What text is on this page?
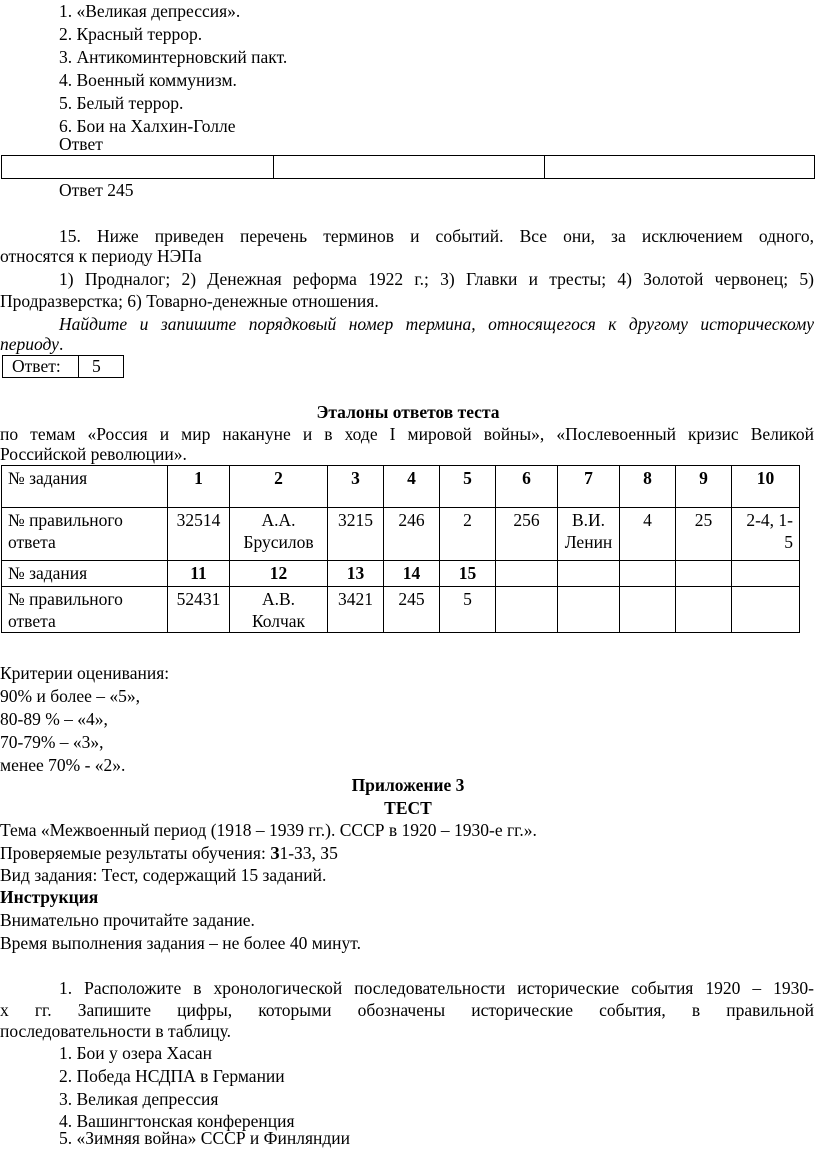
1. «Великая депрессия».
2. Красный террор.
3. Антикоминтерновский пакт.
4. Военный коммунизм.
5. Белый террор.
6. Бои на Халхин-Голле
Ответ
Ответ 245
15. Ниже приведен перечень терминов и событий. Все они, за исключением одного,
относятся к периоду НЭПа
1) Продналог; 2) Денежная реформа 1922 г.; 3) Главки и тресты; 4) Золотой червонец; 5)
Продразверстка; 6) Товарно-денежные отношения.
Найдите и запишите порядковый номер термина, относящегося к другому историческому
периоду.
Ответ:	5
Эталоны ответов теста
по темам «Россия и мир накануне и в ходе I мировой войны», «Послевоенный кризис Великой
Российской революции».
№ задания	1	2	3	4	5	6	7	8	9	10
№ правильного ответа	32514	А.А. Брусилов	3215	246	2	256	В.И. Ленин	4	25	2-4, 1-5
№ задания	11	12	13	14	15					
№ правильного ответа	52431	А.В. Колчак	3421	245	5					
Критерии оценивания:
90% и более – «5»,
80-89 % – «4»,
70-79% – «3»,
менее 70% - «2».
Приложение 3
ТЕСТ
Тема «Межвоенный период (1918 – 1939 гг.). СССР в 1920 – 1930-е гг.».
Проверяемые результаты обучения: З1-З3, З5
Вид задания: Тест, содержащий 15 заданий.
Инструкция
Внимательно прочитайте задание.
Время выполнения задания – не более 40 минут.
1. Расположите в хронологической последовательности исторические события 1920 – 1930-
х гг. Запишите цифры, которыми обозначены исторические события, в правильной
последовательности в таблицу.
1. Бои у озера Хасан
2. Победа НСДПА в Германии
3. Великая депрессия
4. Вашингтонская конференция
5. «Зимняя война» СССР и Финляндии
